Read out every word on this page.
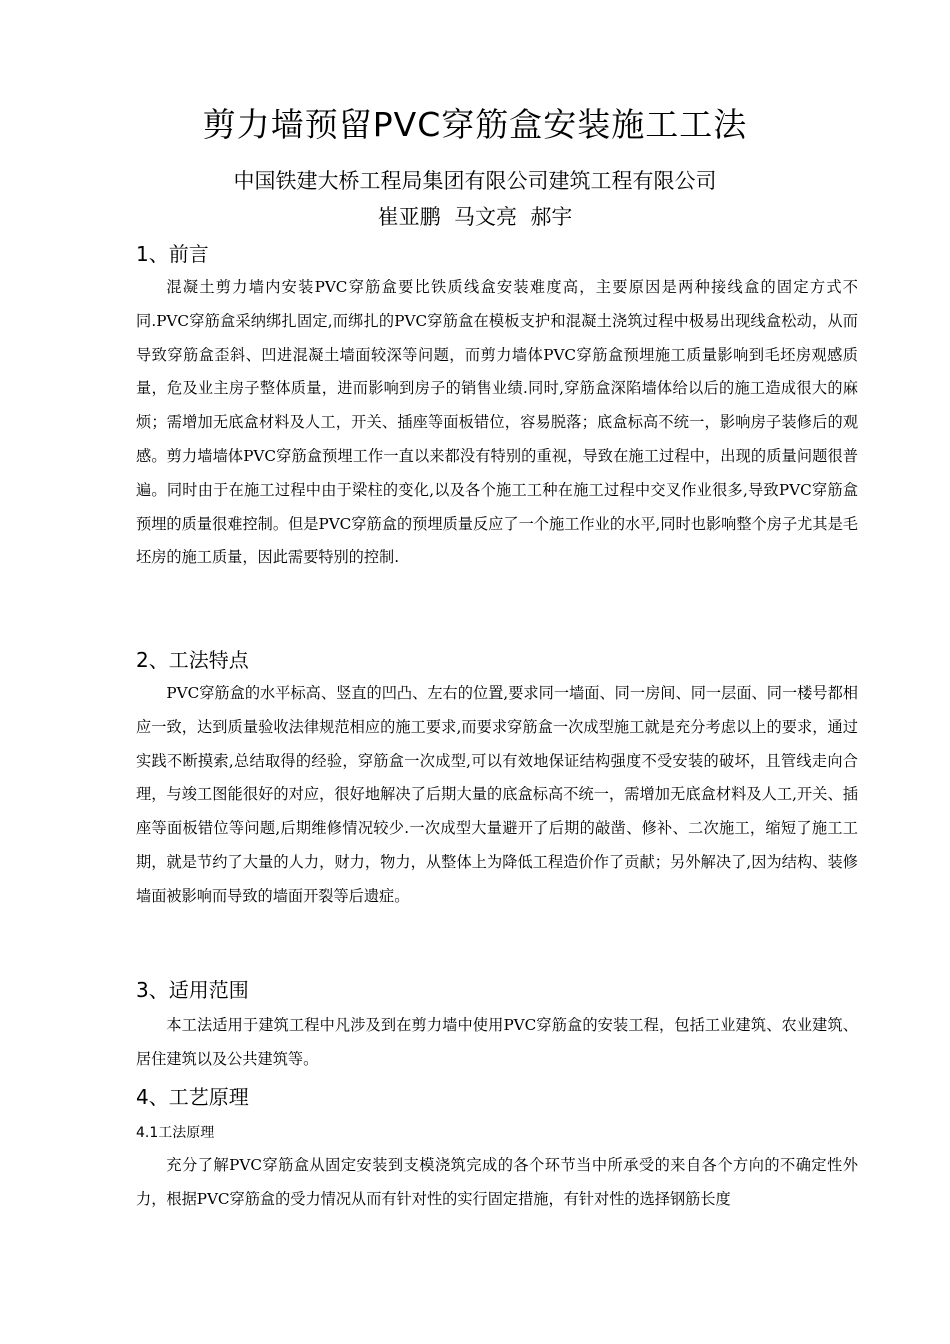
剪力墙预留PVC穿筋盒安装施工工法
中国铁建大桥工程局集团有限公司建筑工程有限公司
崔亚鹏  马文亮  郝宇
1、前言

混凝土剪力墙内安装PVC穿筋盒要比铁质线盒安装难度高，主要原因是两种接线盒的固定方式不同.PVC穿筋盒采纳绑扎固定,而绑扎的PVC穿筋盒在模板支护和混凝土浇筑过程中极易出现线盒松动，从而导致穿筋盒歪斜、凹进混凝土墙面较深等问题，而剪力墙体PVC穿筋盒预埋施工质量影响到毛坯房观感质量，危及业主房子整体质量，进而影响到房子的销售业绩.同时,穿筋盒深陷墙体给以后的施工造成很大的麻烦；需增加无底盒材料及人工，开关、插座等面板错位，容易脱落；底盒标高不统一，影响房子装修后的观感。剪力墙墙体PVC穿筋盒预埋工作一直以来都没有特别的重视，导致在施工过程中，出现的质量问题很普遍。同时由于在施工过程中由于梁柱的变化,以及各个施工工种在施工过程中交叉作业很多,导致PVC穿筋盒预埋的质量很难控制。但是PVC穿筋盒的预埋质量反应了一个施工作业的水平,同时也影响整个房子尤其是毛坯房的施工质量，因此需要特别的控制.

2、工法特点

PVC穿筋盒的水平标高、竖直的凹凸、左右的位置,要求同一墙面、同一房间、同一层面、同一楼号都相应一致，达到质量验收法律规范相应的施工要求,而要求穿筋盒一次成型施工就是充分考虑以上的要求，通过实践不断摸索,总结取得的经验，穿筋盒一次成型,可以有效地保证结构强度不受安装的破坏，且管线走向合理，与竣工图能很好的对应，很好地解决了后期大量的底盒标高不统一，需增加无底盒材料及人工,开关、插座等面板错位等问题,后期维修情况较少.一次成型大量避开了后期的敲凿、修补、二次施工，缩短了施工工期，就是节约了大量的人力，财力，物力，从整体上为降低工程造价作了贡献；另外解决了,因为结构、装修墙面被影响而导致的墙面开裂等后遗症。

3、适用范围

本工法适用于建筑工程中凡涉及到在剪力墙中使用PVC穿筋盒的安装工程，包括工业建筑、农业建筑、居住建筑以及公共建筑等。

4、工艺原理
4.1工法原理

充分了解PVC穿筋盒从固定安装到支模浇筑完成的各个环节当中所承受的来自各个方向的不确定性外力，根据PVC穿筋盒的受力情况从而有针对性的实行固定措施，有针对性的选择钢筋长度
